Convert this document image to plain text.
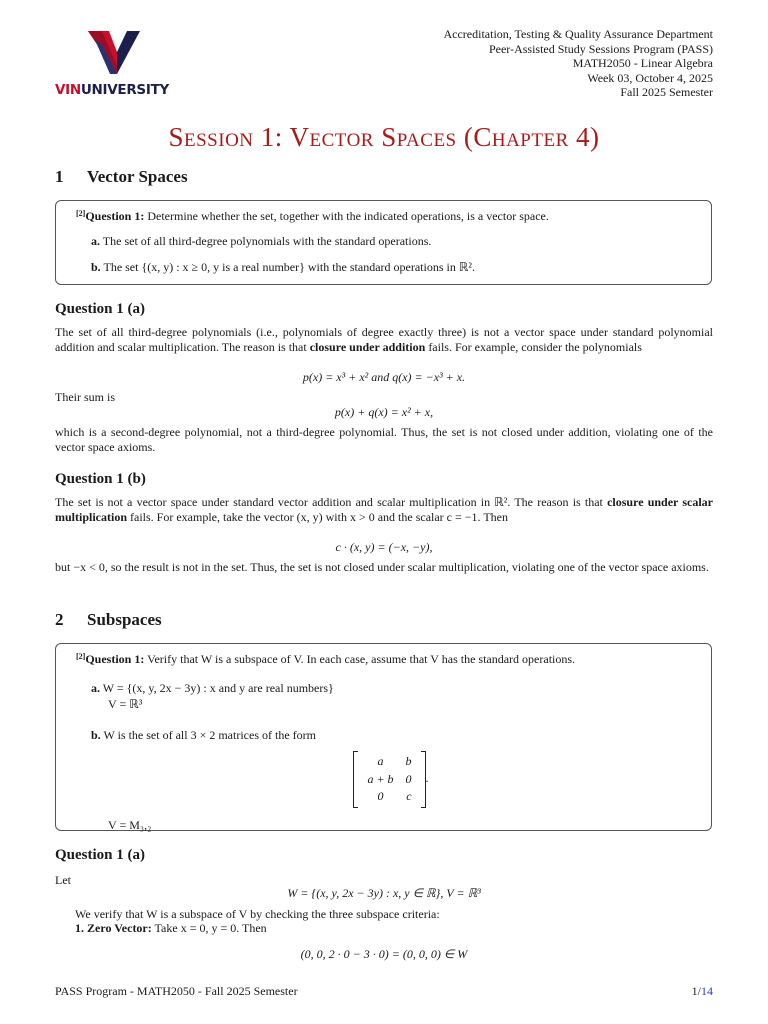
VINUNIVERSITY
Accreditation, Testing & Quality Assurance Department
Peer-Assisted Study Sessions Program (PASS)
MATH2050 - Linear Algebra
Week 03, October 4, 2025
Fall 2025 Semester
Session 1: Vector Spaces (Chapter 4)
1 Vector Spaces
[2]Question 1: Determine whether the set, together with the indicated operations, is a vector space.
a. The set of all third-degree polynomials with the standard operations.
b. The set {(x, y) : x ≥ 0, y is a real number} with the standard operations in ℝ².
Question 1 (a)
The set of all third-degree polynomials (i.e., polynomials of degree exactly three) is not a vector space under standard polynomial addition and scalar multiplication. The reason is that closure under addition fails. For example, consider the polynomials
p(x) = x³ + x² and q(x) = −x³ + x.
Their sum is
p(x) + q(x) = x² + x,
which is a second-degree polynomial, not a third-degree polynomial. Thus, the set is not closed under addition, violating one of the vector space axioms.
Question 1 (b)
The set is not a vector space under standard vector addition and scalar multiplication in ℝ². The reason is that closure under scalar multiplication fails. For example, take the vector (x, y) with x > 0 and the scalar c = −1. Then
c · (x, y) = (−x, −y),
but −x < 0, so the result is not in the set. Thus, the set is not closed under scalar multiplication, violating one of the vector space axioms.
2 Subspaces
[2]Question 1: Verify that W is a subspace of V. In each case, assume that V has the standard operations.
a. W = {(x, y, 2x − 3y) : x and y are real numbers}
V = ℝ³
b. W is the set of all 3 × 2 matrices of the form
a	b
a + b	0
0	c
.
V = M₃,₂
Question 1 (a)
Let
W = {(x, y, 2x − 3y) : x, y ∈ ℝ}, V = ℝ³
We verify that W is a subspace of V by checking the three subspace criteria:
1. Zero Vector: Take x = 0, y = 0. Then
(0, 0, 2 · 0 − 3 · 0) = (0, 0, 0) ∈ W
PASS Program - MATH2050 - Fall 2025 Semester	1/14
